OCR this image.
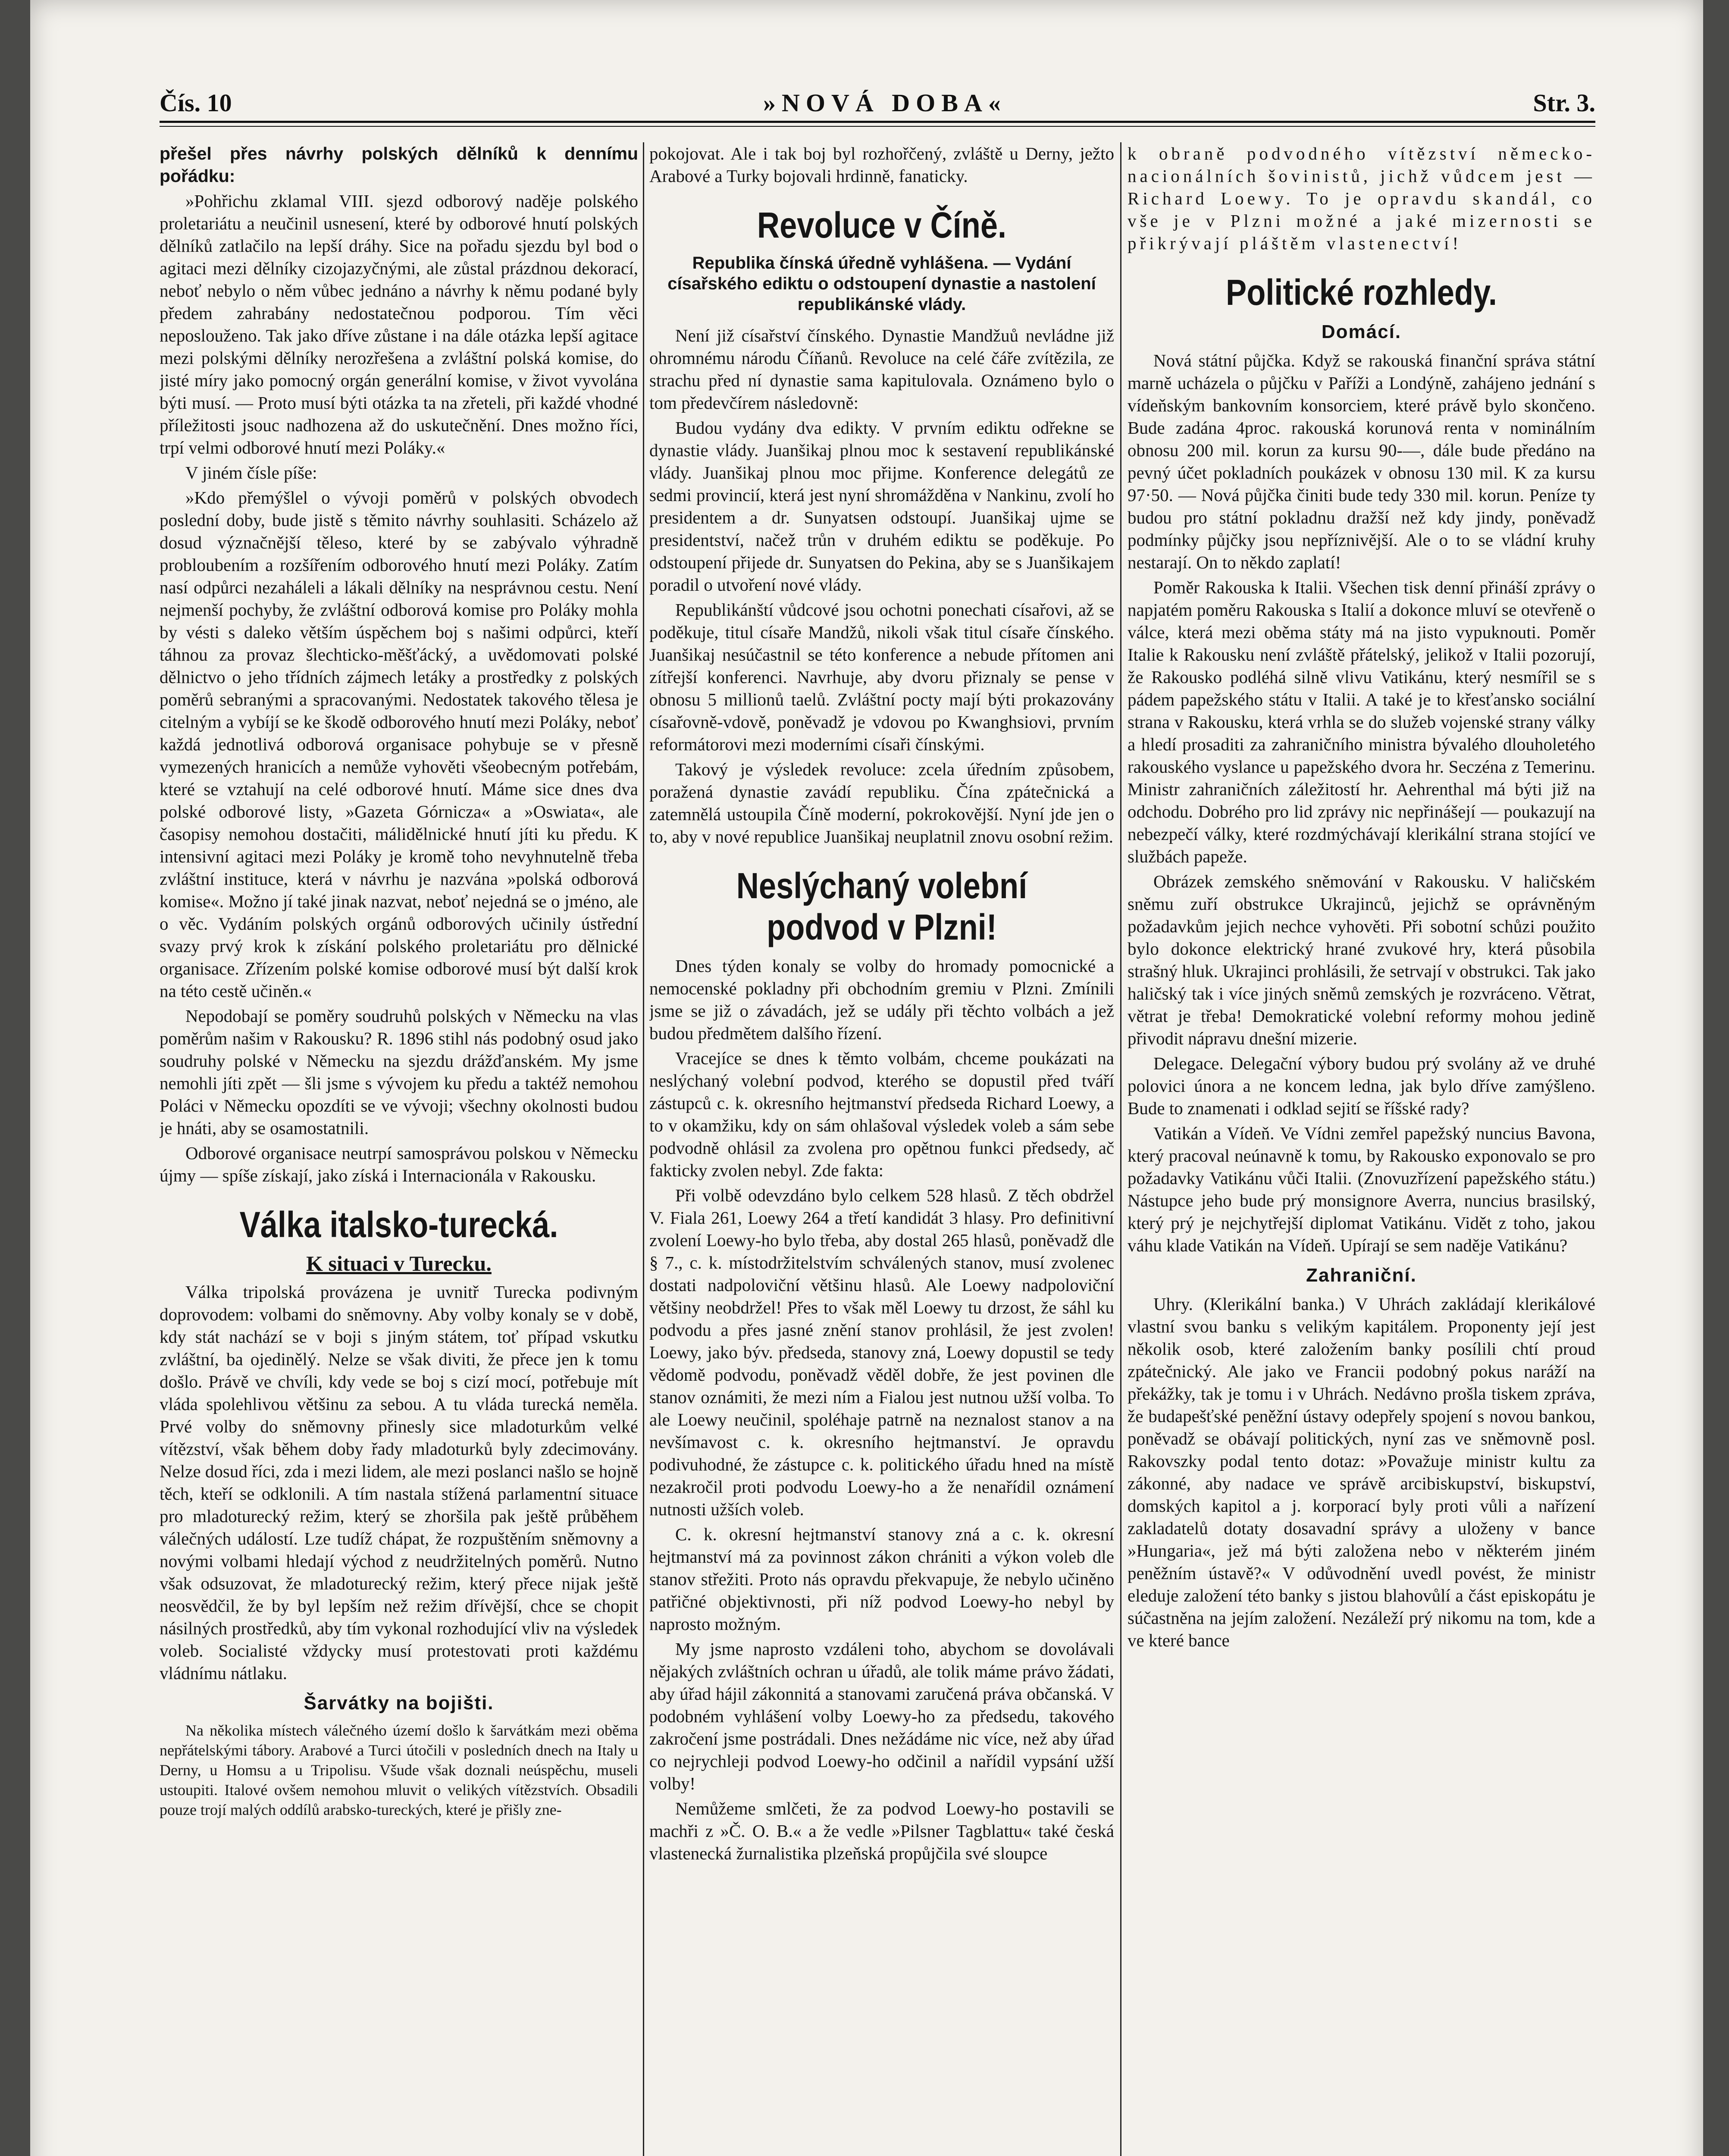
Čís. 10	»NOVÁ DOBA«	Str. 3.

přešel přes návrhy polských dělníků k dennímu pořádku:

»Pohřichu zklamal VIII. sjezd odborový naděje polského proletariátu a neučinil usnesení, které by odborové hnutí polských dělníků zatlačilo na lepší dráhy. Sice na pořadu sjezdu byl bod o agitaci mezi dělníky cizojazyčnými, ale zůstal prázdnou dekorací, neboť nebylo o něm vůbec jednáno a návrhy k němu podané byly předem zahrabány nedostatečnou podporou. Tím věci neposlouženo. Tak jako dříve zůstane i na dále otázka lepší agitace mezi polskými dělníky nerozřešena a zvláštní polská komise, do jisté míry jako pomocný orgán generální komise, v život vyvolána býti musí. — Proto musí býti otázka ta na zřeteli, při každé vhodné příležitosti jsouc nadhozena až do uskutečnění. Dnes možno říci, trpí velmi odborové hnutí mezi Poláky.«

V jiném čísle píše:

»Kdo přemýšlel o vývoji poměrů v polských obvodech poslední doby, bude jistě s těmito návrhy souhlasiti. Scházelo až dosud význačnější těleso, které by se zabývalo výhradně probloubením a rozšířením odborového hnutí mezi Poláky. Zatím nasí odpůrci nezaháleli a lákali dělníky na nesprávnou cestu. Není nejmenší pochyby, že zvláštní odborová komise pro Poláky mohla by vésti s daleko větším úspěchem boj s našimi odpůrci, kteří táhnou za provaz šlechticko-měšťácký, a uvědomovati polské dělnictvo o jeho třídních zájmech letáky a prostředky z polských poměrů sebranými a spracovanými. Nedostatek takového tělesa je citelným a vybíjí se ke škodě odborového hnutí mezi Poláky, neboť každá jednotlivá odborová organisace pohybuje se v přesně vymezených hranicích a nemůže vyhověti všeobecným potřebám, které se vztahují na celé odborové hnutí. Máme sice dnes dva polské odborové listy, »Gazeta Górnicza« a »Oswiata«, ale časopisy nemohou dostačiti, málidělnické hnutí jíti ku předu. K intensivní agitaci mezi Poláky je kromě toho nevyhnutelně třeba zvláštní instituce, která v návrhu je nazvána »polská odborová komise«. Možno jí také jinak nazvat, neboť nejedná se o jméno, ale o věc. Vydáním polských orgánů odborových učinily ústřední svazy prvý krok k získání polského proletariátu pro dělnické organisace. Zřízením polské komise odborové musí být další krok na této cestě učiněn.«

Nepodobají se poměry soudruhů polských v Německu na vlas poměrům našim v Rakousku? R. 1896 stihl nás podobný osud jako soudruhy polské v Německu na sjezdu drážďanském. My jsme nemohli jíti zpět — šli jsme s vývojem ku předu a taktéž nemohou Poláci v Německu opozdíti se ve vývoji; všechny okolnosti budou je hnáti, aby se osamostatnili.

Odborové organisace neutrpí samosprávou polskou v Německu újmy — spíše získají, jako získá i Internacionála v Rakousku.

Válka italsko-turecká.
K situaci v Turecku.

Válka tripolská provázena je uvnitř Turecka podivným doprovodem: volbami do sněmovny. Aby volby konaly se v době, kdy stát nachází se v boji s jiným státem, toť případ vskutku zvláštní, ba ojedinělý. Nelze se však diviti, že přece jen k tomu došlo. Právě ve chvíli, kdy vede se boj s cizí mocí, potřebuje mít vláda spolehlivou většinu za sebou. A tu vláda turecká neměla. Prvé volby do sněmovny přinesly sice mladoturkům velké vítězství, však během doby řady mladoturků byly zdecimovány. Nelze dosud říci, zda i mezi lidem, ale mezi poslanci našlo se hojně těch, kteří se odklonili. A tím nastala stížená parlamentní situace pro mladoturecký režim, který se zhoršila pak ještě průběhem válečných událostí. Lze tudíž chápat, že rozpuštěním sněmovny a novými volbami hledají východ z neudržitelných poměrů. Nutno však odsuzovat, že mladoturecký režim, který přece nijak ještě neosvědčil, že by byl lepším než režim dřívější, chce se chopit násilných prostředků, aby tím vykonal rozhodující vliv na výsledek voleb. Socialisté vždycky musí protestovati proti každému vládnímu nátlaku.

Šarvátky na bojišti.

Na několika místech válečného území došlo k šarvátkám mezi oběma nepřátelskými tábory. Arabové a Turci útočili v posledních dnech na Italy u Derny, u Homsu a u Tripolisu. Všude však doznali neúspěchu, museli ustoupiti. Italové ovšem nemohou mluvit o velikých vítězstvích. Obsadili pouze trojí malých oddílů arabsko-tureckých, které je přišly zne-

pokojovat. Ale i tak boj byl rozhořčený, zvláště u Derny, ježto Arabové a Turky bojovali hrdinně, fanaticky.

Revoluce v Číně.
Republika čínská úředně vyhlášena. — Vydání císařského ediktu o odstoupení dynastie a nastolení republikánské vlády.

Není již císařství čínského. Dynastie Mandžuů nevládne již ohromnému národu Číňanů. Revoluce na celé čáře zvítězila, ze strachu před ní dynastie sama kapitulovala. Oznámeno bylo o tom předevčírem následovně:

Budou vydány dva edikty. V prvním ediktu odřekne se dynastie vlády. Juanšikaj plnou moc k sestavení republikánské vlády. Juanšikaj plnou moc přijme. Konference delegátů ze sedmi provincií, která jest nyní shromážděna v Nankinu, zvolí ho presidentem a dr. Sunyatsen odstoupí. Juanšikaj ujme se presidentství, načež trůn v druhém ediktu se poděkuje. Po odstoupení přijede dr. Sunyatsen do Pekina, aby se s Juanšikajem poradil o utvoření nové vlády.

Republikánští vůdcové jsou ochotni ponechati císařovi, až se poděkuje, titul císaře Mandžů, nikoli však titul císaře čínského. Juanšikaj nesúčastnil se této konference a nebude přítomen ani zítřejší konferenci. Navrhuje, aby dvoru přiznaly se pense v obnosu 5 millionů taelů. Zvláštní pocty mají býti prokazovány císařovně-vdově, poněvadž je vdovou po Kwanghsiovi, prvním reformátorovi mezi moderními císaři čínskými.

Takový je výsledek revoluce: zcela úředním způsobem, poražená dynastie zavádí republiku. Čína zpátečnická a zatemnělá ustoupila Číně moderní, pokrokovější. Nyní jde jen o to, aby v nové republice Juanšikaj neuplatnil znovu osobní režim.

Neslýchaný volební podvod v Plzni!

Dnes týden konaly se volby do hromady pomocnické a nemocenské pokladny při obchodním gremiu v Plzni. Zmínili jsme se již o závadách, jež se udály při těchto volbách a jež budou předmětem dalšího řízení.

Vracejíce se dnes k těmto volbám, chceme poukázati na neslýchaný volební podvod, kterého se dopustil před tváří zástupců c. k. okresního hejtmanství předseda Richard Loewy, a to v okamžiku, kdy on sám ohlašoval výsledek voleb a sám sebe podvodně ohlásil za zvolena pro opětnou funkci předsedy, ač fakticky zvolen nebyl. Zde fakta:

Při volbě odevzdáno bylo celkem 528 hlasů. Z těch obdržel V. Fiala 261, Loewy 264 a třetí kandidát 3 hlasy. Pro definitivní zvolení Loewy-ho bylo třeba, aby dostal 265 hlasů, poněvadž dle § 7., c. k. místodržitelstvím schválených stanov, musí zvolenec dostati nadpoloviční většinu hlasů. Ale Loewy nadpoloviční většiny neobdržel! Přes to však měl Loewy tu drzost, že sáhl ku podvodu a přes jasné znění stanov prohlásil, že jest zvolen! Loewy, jako býv. předseda, stanovy zná, Loewy dopustil se tedy vědomě podvodu, poněvadž věděl dobře, že jest povinen dle stanov oznámiti, že mezi ním a Fialou jest nutnou užší volba. To ale Loewy neučinil, spoléhaje patrně na neznalost stanov a na nevšímavost c. k. okresního hejtmanství. Je opravdu podivuhodné, že zástupce c. k. politického úřadu hned na místě nezakročil proti podvodu Loewy-ho a že nenařídil oznámení nutnosti užších voleb.

C. k. okresní hejtmanství stanovy zná a c. k. okresní hejtmanství má za povinnost zákon chrániti a výkon voleb dle stanov střežiti. Proto nás opravdu překvapuje, že nebylo učiněno patřičné objektivnosti, při níž podvod Loewy-ho nebyl by naprosto možným.

My jsme naprosto vzdáleni toho, abychom se dovolávali nějakých zvláštních ochran u úřadů, ale tolik máme právo žádati, aby úřad hájil zákonnitá a stanovami zaručená práva občanská. V podobném vyhlášení volby Loewy-ho za předsedu, takového zakročení jsme postrádali. Dnes nežádáme nic více, než aby úřad co nejrychleji podvod Loewy-ho odčinil a nařídil vypsání užší volby!

Nemůžeme smlčeti, že za podvod Loewy-ho postavili se machři z »Č. O. B.« a že vedle »Pilsner Tagblattu« také česká vlastenecká žurnalistika plzeňská propůjčila své sloupce

k obraně podvodného vítězství německo-nacionálních šovinistů, jichž vůdcem jest — Richard Loewy. To je opravdu skandál, co vše je v Plzni možné a jaké mizernosti se přikrývají pláštěm vlastenectví!

Politické rozhledy.
Domácí.

Nová státní půjčka. Když se rakouská finanční správa státní marně ucházela o půjčku v Paříži a Londýně, zahájeno jednání s vídeňským bankovním konsorciem, které právě bylo skončeno. Bude zadána 4proc. rakouská korunová renta v nominálním obnosu 200 mil. korun za kursu 90-—, dále bude předáno na pevný účet pokladních poukázek v obnosu 130 mil. K za kursu 97·50. — Nová půjčka činiti bude tedy 330 mil. korun. Peníze ty budou pro státní pokladnu dražší než kdy jindy, poněvadž podmínky půjčky jsou nepříznivější. Ale o to se vládní kruhy nestarají. On to někdo zaplatí!

Poměr Rakouska k Italii. Všechen tisk denní přináší zprávy o napjatém poměru Rakouska s Italií a dokonce mluví se otevřeně o válce, která mezi oběma státy má na jisto vypuknouti. Poměr Italie k Rakousku není zvláště přátelský, jelikož v Italii pozorují, že Rakousko podléhá silně vlivu Vatikánu, který nesmířil se s pádem papežského státu v Italii. A také je to křesťansko sociální strana v Rakousku, která vrhla se do služeb vojenské strany války a hledí prosaditi za zahraničního ministra bývalého dlouholetého rakouského vyslance u papežského dvora hr. Seczéna z Temerinu. Ministr zahraničních záležitostí hr. Aehrenthal má býti již na odchodu. Dobrého pro lid zprávy nic nepřinášejí — poukazují na nebezpečí války, které rozdmýchávají klerikální strana stojící ve službách papeže.

Obrázek zemského sněmování v Rakousku. V haličském sněmu zuří obstrukce Ukrajinců, jejichž se oprávněným požadavkům jejich nechce vyhověti. Při sobotní schůzi použito bylo dokonce elektrický hrané zvukové hry, která působila strašný hluk. Ukrajinci prohlásili, že setrvají v obstrukci. Tak jako haličský tak i více jiných sněmů zemských je rozvráceno. Větrat, větrat je třeba! Demokratické volební reformy mohou jedině přivodit nápravu dnešní mizerie.

Delegace. Delegační výbory budou prý svolány až ve druhé polovici února a ne koncem ledna, jak bylo dříve zamýšleno. Bude to znamenati i odklad sejití se říšské rady?

Vatikán a Vídeň. Ve Vídni zemřel papežský nuncius Bavona, který pracoval neúnavně k tomu, by Rakousko exponovalo se pro požadavky Vatikánu vůči Italii. (Znovuzřízení papežského státu.) Nástupce jeho bude prý monsignore Averra, nuncius brasilský, který prý je nejchytřejší diplomat Vatikánu. Vidět z toho, jakou váhu klade Vatikán na Vídeň. Upírají se sem naděje Vatikánu?

Zahraniční.

Uhry. (Klerikální banka.) V Uhrách zakládají klerikálové vlastní svou banku s velikým kapitálem. Proponenty její jest několik osob, které založením banky posílili chtí proud zpátečnický. Ale jako ve Francii podobný pokus naráží na překážky, tak je tomu i v Uhrách. Nedávno prošla tiskem zpráva, že budapešťské peněžní ústavy odepřely spojení s novou bankou, poněvadž se obávají politických, nyní zas ve sněmovně posl. Rakovszky podal tento dotaz: »Považuje ministr kultu za zákonné, aby nadace ve správě arcibiskupství, biskupství, domských kapitol a j. korporací byly proti vůli a nařízení zakladatelů dotaty dosavadní správy a uloženy v bance »Hungaria«, jež má býti založena nebo v některém jiném peněžním ústavě?« V odůvodnění uvedl povést, že ministr eleduje založení této banky s jistou blahovůlí a část episkopátu je súčastněna na jejím založení. Nezáleží prý nikomu na tom, kde a ve které bance
